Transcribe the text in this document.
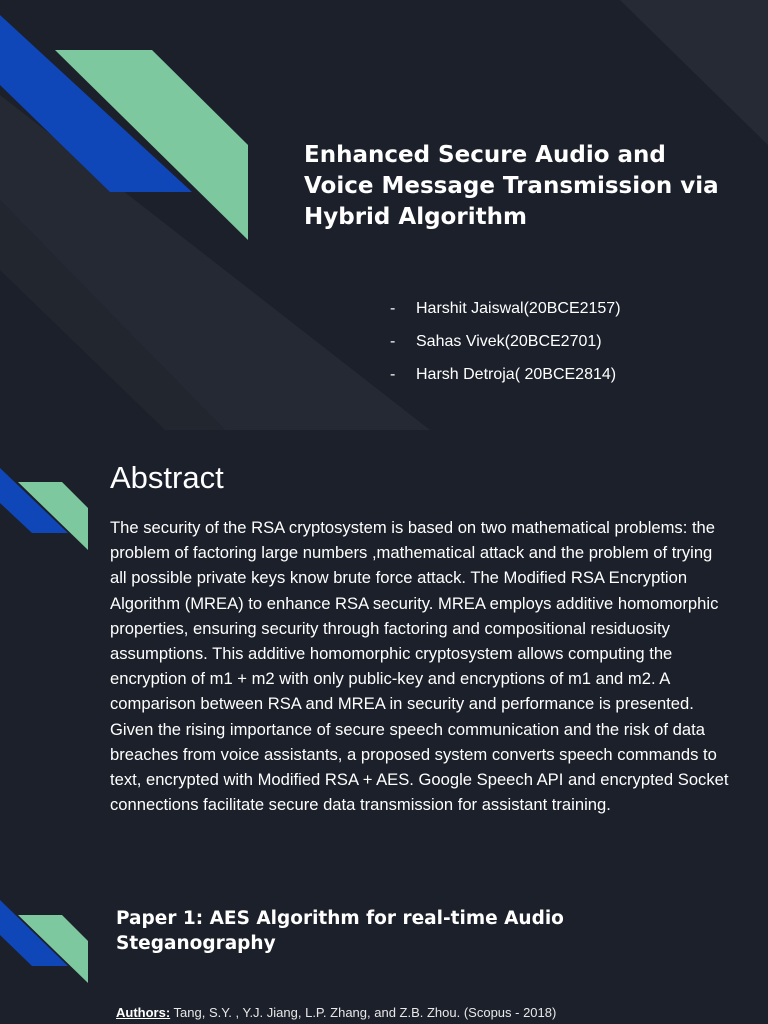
Enhanced Secure Audio and Voice Message Transmission via Hybrid Algorithm
-	Harshit Jaiswal(20BCE2157)
-	Sahas Vivek(20BCE2701)
-	Harsh Detroja( 20BCE2814)
Abstract

The security of the RSA cryptosystem is based on two mathematical problems: the problem of factoring large numbers ,mathematical attack and the problem of trying all possible private keys know brute force attack. The Modified RSA Encryption Algorithm (MREA) to enhance RSA security. MREA employs additive homomorphic properties, ensuring security through factoring and compositional residuosity assumptions. This additive homomorphic cryptosystem allows computing the encryption of m1 + m2 with only public-key and encryptions of m1 and m2. A comparison between RSA and MREA in security and performance is presented. Given the rising importance of secure speech communication and the risk of data breaches from voice assistants, a proposed system converts speech commands to text, encrypted with Modified RSA + AES. Google Speech API and encrypted Socket connections facilitate secure data transmission for assistant training.

Paper 1: AES Algorithm for real-time Audio Steganography

Authors: Tang, S.Y. , Y.J. Jiang, L.P. Zhang, and Z.B. Zhou. (Scopus - 2018)
